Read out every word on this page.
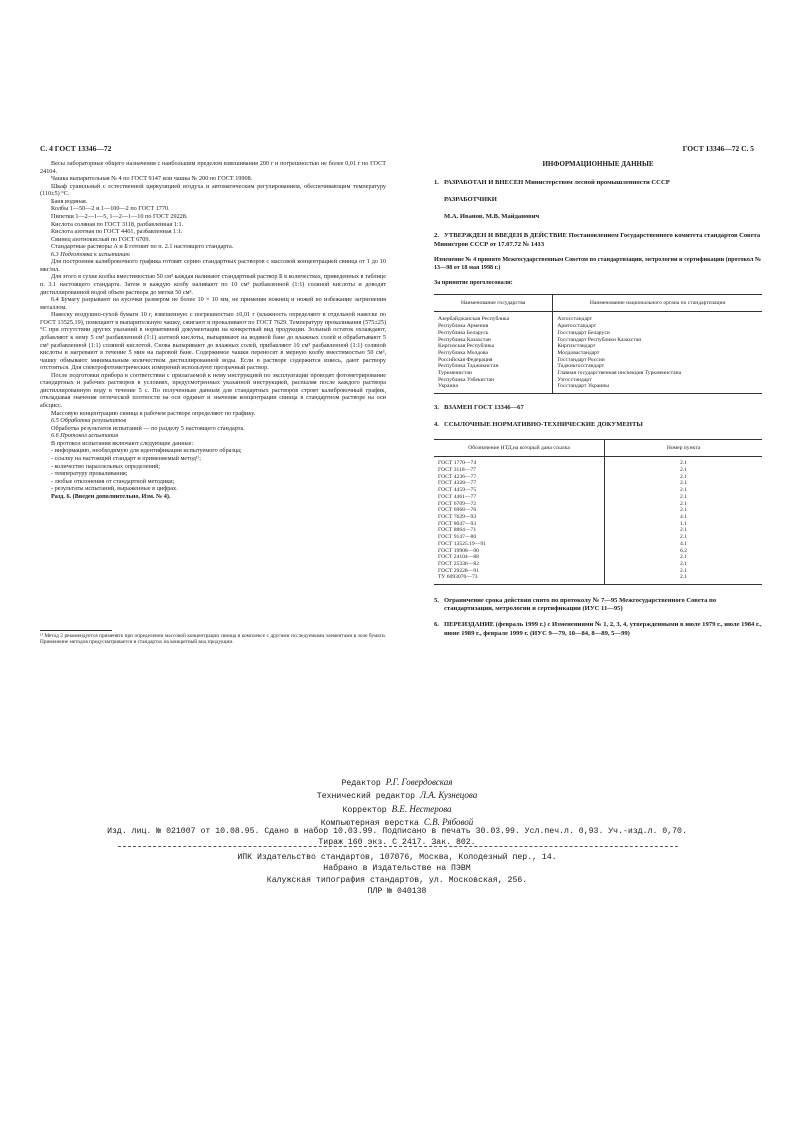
С. 4 ГОСТ 13346—72	ГОСТ 13346—72 С. 5

Весы лабораторные общего назначения с наибольшим пределом взвешивания 200 г и погрешностью не более 0,01 г по ГОСТ 24104.

Чашка выпарительная № 4 по ГОСТ 9147 или чашка № 200 по ГОСТ 19908.

Шкаф сушильный с естественной циркуляцией воздуха и автоматическим регулированием, обеспечивающим температуру (110±5) °С.

Баня водяная.

Колбы 1—50—2 и 1—100—2 по ГОСТ 1770.

Пипетки 1—2—1—5, 1—2—1—10 по ГОСТ 29228.

Кислота соляная по ГОСТ 3118, разбавленная 1:1.

Кислота азотная по ГОСТ 4461, разбавленная 1:1.

Свинец азотнокислый по ГОСТ 6709.

Стандартные растворы А и Б готовят по п. 2.1 настоящего стандарта.

6.3 Подготовка к испытанию

Для построения калибровочного графика готовят серию стандартных растворов с массовой концентрацией свинца от 1 до 10 мкг/мл.

Для этого в сухие колбы вместимостью 50 см³ каждая наливают стандартный раствор Б в количествах, приведенных в таблице п. 3.1 настоящего стандарта. Затем в каждую колбу наливают по 10 см³ разбавленной (1:1) соляной кислоты и доводят дистиллированной водой объем раствора до метки 50 см³.

6.4 Бумагу разрывают на кусочки размером не более 10 × 10 мм, не применяя ножниц и ножей во избежание загрязнения металлом.

Навеску воздушно-сухой бумаги 10 г, взвешенную с погрешностью ±0,01 г (влажность определяют в отдельной навеске по ГОСТ 13525.19), помещают в выпарительную чашку, сжигают и прокаливают по ГОСТ 7629. Температуру прокаливания (575±25) °С при отсутствии других указаний в нормативной документации на конкретный вид продукции. Зольный остаток охлаждают, добавляют к нему 5 см³ разбавленной (1:1) азотной кислоты, выпаривают на водяной бане до влажных солей и обрабатывают 5 см³ разбавленной (1:1) соляной кислотой. Снова выпаривают до влажных солей, прибавляют 10 см³ разбавленной (1:1) соляной кислоты и нагревают в течение 5 мин на паровой бане. Содержимое чашки переносят в мерную колбу вместимостью 50 см³, чашку обмывают минимальным количеством дистиллированной воды. Если в растворе содержится взвесь, дают раствору отстояться. Для спектрофотометрических измерений используют прозрачный раствор.

После подготовки прибора в соответствии с прилагаемой к нему инструкцией по эксплуатации проводят фотометрирование стандартных и рабочих растворов в условиях, предусмотренных указанной инструкцией, распыляя после каждого раствора дистиллированную воду в течение 5 с. По полученным данным для стандартных растворов строят калибровочный график, откладывая значения оптической плотности на оси ординат и значения концентрации свинца в стандартном растворе на оси абсцисс.

Массовую концентрацию свинца в рабочем растворе определяют по графику.

6.5 Обработка результатов

Обработка результатов испытаний — по разделу 5 настоящего стандарта.

6.6 Протокол испытания

В протокол испытания включают следующие данные:

- информацию, необходимую для идентификации испытуемого образца;

- ссылку на настоящий стандарт и применяемый метод¹⁾;

- количество параллельных определений;

- температуру прокаливания;

- любые отклонения от стандартной методики;

- результаты испытаний, выраженные в цифрах.

Разд. 6. (Введен дополнительно, Изм. № 4).

¹⁾ Метод 2 рекомендуется применять при определении массовой концентрации свинца в комплексе с другими исследуемыми элементами в золе бумаги. Применение методов предусматривается в стандартах на конкретный вид продукции.

ИНФОРМАЦИОННЫЕ ДАННЫЕ

1. РАЗРАБОТАН И ВНЕСЕН Министерством лесной промышленности СССР

РАЗРАБОТЧИКИ

М.А. Иванов, М.В. Майданович

2. УТВЕРЖДЕН И ВВЕДЕН В ДЕЙСТВИЕ Постановлением Государственного комитета стандартов Совета Министров СССР от 17.07.72 № 1413

Изменение № 4 принято Межгосударственным Советом по стандартизации, метрологии и сертификации (протокол № 13—98 от 18 мая 1998 г.)

За принятие проголосовали:

Наименование государства	Наименование национального органа по стандартизации

Азербайджанская Республика	Азгосстандарт
Республика Армения	Армгосстандарт
Республика Беларусь	Госстандарт Беларуси
Республика Казахстан	Госстандарт Республики Казахстан
Киргизская Республика	Киргизстандарт
Республика Молдова	Молдовастандарт
Российская Федерация	Госстандарт России
Республика Таджикистан	Таджикгосстандарт
Туркменистан	Главная государственная инспекция Туркменистана
Республика Узбекистан	Узгосстандарт
Украина	Госстандарт Украины

3. ВЗАМЕН ГОСТ 13346—67

4. ССЫЛОЧНЫЕ НОРМАТИВНО-ТЕХНИЧЕСКИЕ ДОКУМЕНТЫ

Обозначение НТД,на который дана ссылка	Номер пункта

ГОСТ 1770—74	2.1
ГОСТ 3118—77	2.1
ГОСТ 4236—77	2.1
ГОСТ 4328—77	2.1
ГОСТ 4459—75	2.1
ГОСТ 4461—77	2.1
ГОСТ 6709—72	2.1
ГОСТ 6968—76	2.1
ГОСТ 7629—93	4.1
ГОСТ 8047—93	1.1
ГОСТ 8864—71	2.1
ГОСТ 9147—80	2.1
ГОСТ 13525.19—91	4.1
ГОСТ 19908—90	6.2
ГОСТ 24104—88	2.1
ГОСТ 25336—82	2.1
ГОСТ 29228—91	2.1
ТУ 6093070—73	2.1

5. Ограничение срока действия снято по протоколу № 7—95 Межгосударственного Совета по стандартизации, метрологии и сертификации (ИУС 11—95)

6. ПЕРЕИЗДАНИЕ (февраль 1999 г.) с Изменениями № 1, 2, 3, 4, утвержденными в июле 1979 г., июле 1984 г., июне 1989 г., феврале 1999 г. (ИУС 9—79, 10—84, 8—89, 5—99)

Редактор Р.Г. Говердовская
Технический редактор Л.А. Кузнецова
Корректор В.Е. Нестерова
Компьютерная верстка С.В. Рябовой
Изд. лиц. № 021007 от 10.08.95. Сдано в набор 10.03.99. Подписано в печать 30.03.99. Усл.печ.л. 0,93. Уч.-изд.л. 0,70.
Тираж 160 экз. С 2417. Зак. 802.
ИПК Издательство стандартов, 107076, Москва, Колодезный пер., 14.
Набрано в Издательстве на ПЭВМ
Калужская типография стандартов, ул. Московская, 256.
ПЛР № 040138
